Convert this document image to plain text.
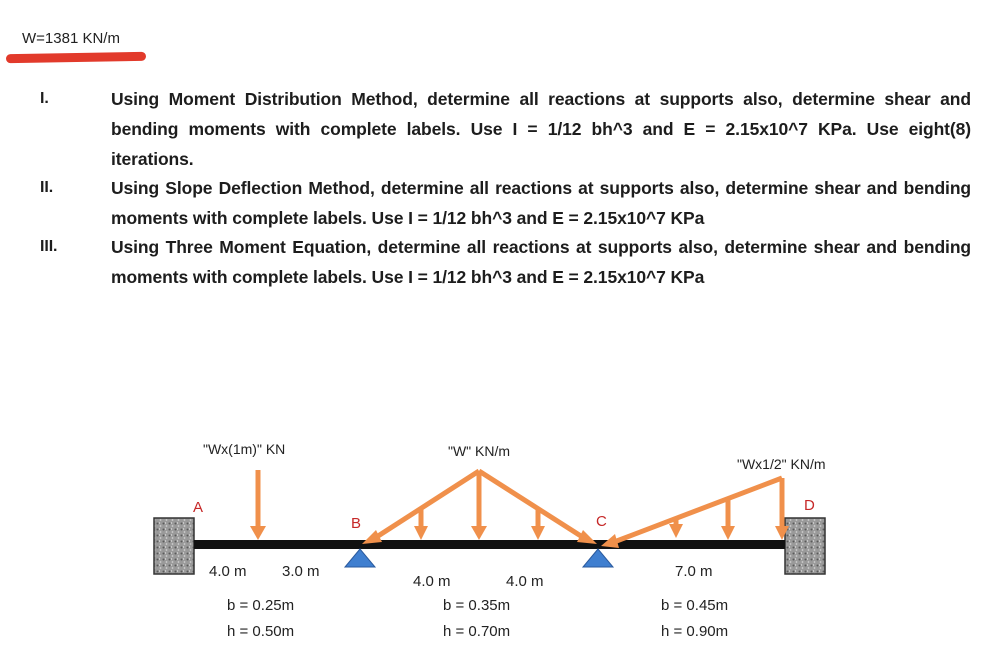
W=1381 KN/m
I.	Using Moment Distribution Method, determine all reactions at supports also, determine shear and bending moments with complete labels. Use I = 1/12 bh^3 and E = 2.15x10^7 KPa. Use eight(8) iterations.
II.	Using Slope Deflection Method, determine all reactions at supports also, determine shear and bending moments with complete labels. Use I = 1/12 bh^3 and E = 2.15x10^7 KPa
III.	Using Three Moment Equation, determine all reactions at supports also, determine shear and bending moments with complete labels. Use I = 1/12 bh^3 and E = 2.15x10^7 KPa
"Wx(1m)" KN	"W" KN/m
"Wx1/2" KN/m
A
B	C
D
4.0 m 3.0 m
4.0 m	4.0 m
7.0 m
b = 0.25m
h = 0.50m
b = 0.35m
h = 0.70m
b = 0.45m
h = 0.90m
